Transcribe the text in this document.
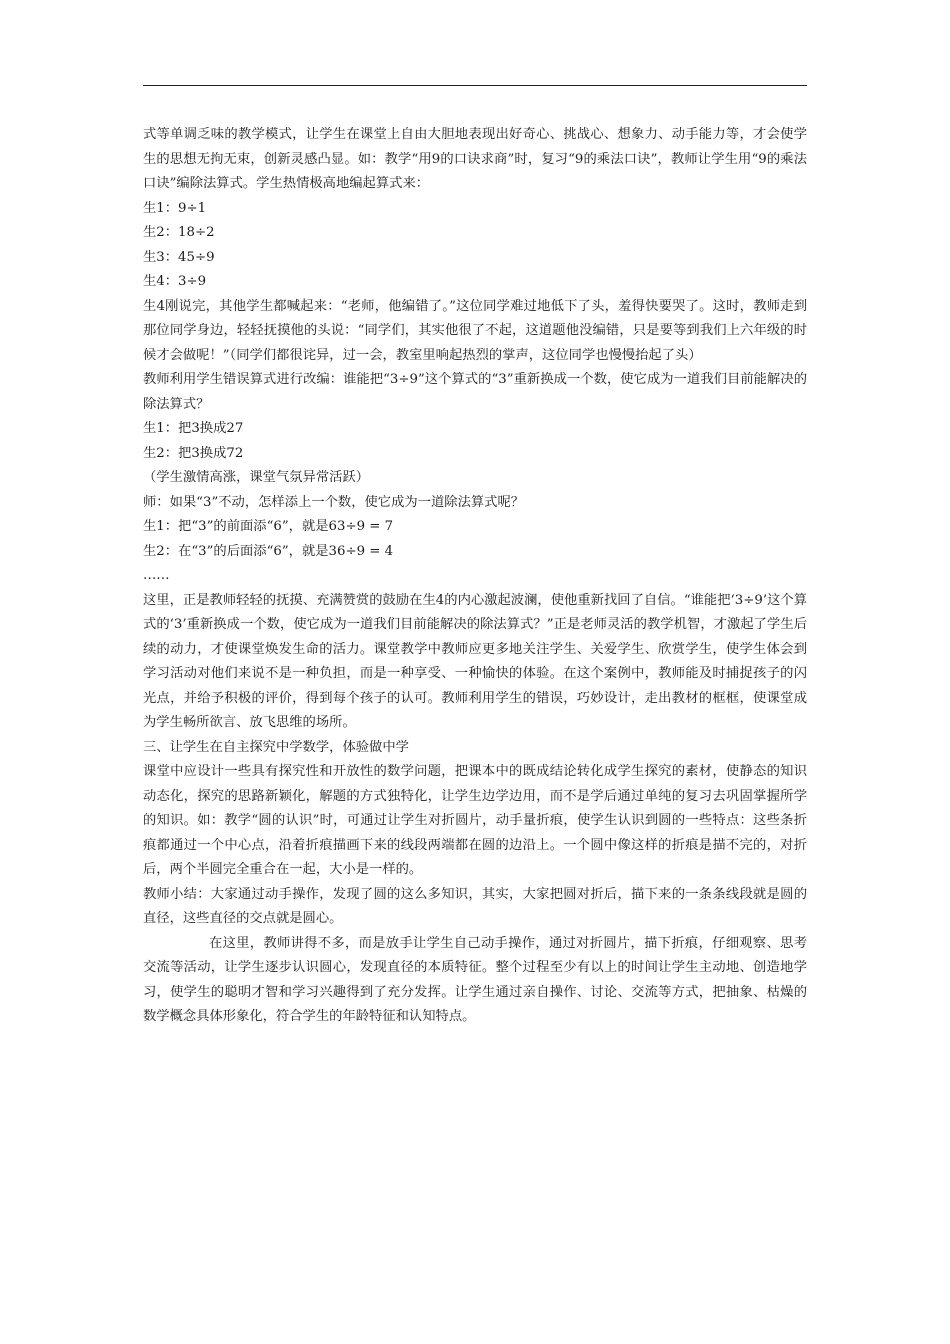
式等单调乏味的教学模式，让学生在课堂上自由大胆地表现出好奇心、挑战心、想象力、动手能力等，才会使学生的思想无拘无束，创新灵感凸显。如：教学“用9的口诀求商”时，复习“9的乘法口诀”，教师让学生用“9的乘法口诀”编除法算式。学生热情极高地编起算式来：

生1：9÷1

生2：18÷2

生3：45÷9

生4：3÷9

生4刚说完，其他学生都喊起来：“老师，他编错了。”这位同学难过地低下了头，羞得快要哭了。这时，教师走到那位同学身边，轻轻抚摸他的头说：“同学们，其实他很了不起，这道题他没编错，只是要等到我们上六年级的时候才会做呢！”（同学们都很诧异，过一会，教室里响起热烈的掌声，这位同学也慢慢抬起了头）

教师利用学生错误算式进行改编：谁能把“3÷9”这个算式的“3”重新换成一个数，使它成为一道我们目前能解决的除法算式？

生1：把3换成27

生2：把3换成72

（学生激情高涨，课堂气氛异常活跃）

师：如果“3”不动，怎样添上一个数，使它成为一道除法算式呢？

生1：把“3”的前面添“6”，就是63÷9 = 7

生2：在“3”的后面添“6”，就是36÷9 = 4

……

这里，正是教师轻轻的抚摸、充满赞赏的鼓励在生4的内心激起波澜，使他重新找回了自信。“谁能把‘3÷9’这个算式的‘3’重新换成一个数，使它成为一道我们目前能解决的除法算式？”正是老师灵活的教学机智，才激起了学生后续的动力，才使课堂焕发生命的活力。课堂教学中教师应更多地关注学生、关爱学生、欣赏学生，使学生体会到学习活动对他们来说不是一种负担，而是一种享受、一种愉快的体验。在这个案例中，教师能及时捕捉孩子的闪光点，并给予积极的评价，得到每个孩子的认可。教师利用学生的错误，巧妙设计，走出教材的框框，使课堂成为学生畅所欲言、放飞思维的场所。

三、让学生在自主探究中学数学，体验做中学

课堂中应设计一些具有探究性和开放性的数学问题，把课本中的既成结论转化成学生探究的素材，使静态的知识动态化，探究的思路新颖化，解题的方式独特化，让学生边学边用，而不是学后通过单纯的复习去巩固掌握所学的知识。如：教学“圆的认识”时，可通过让学生对折圆片，动手量折痕，使学生认识到圆的一些特点：这些条折痕都通过一个中心点，沿着折痕描画下来的线段两端都在圆的边沿上。一个圆中像这样的折痕是描不完的，对折后，两个半圆完全重合在一起，大小是一样的。

教师小结：大家通过动手操作，发现了圆的这么多知识，其实，大家把圆对折后，描下来的一条条线段就是圆的直径，这些直径的交点就是圆心。

在这里，教师讲得不多，而是放手让学生自己动手操作，通过对折圆片，描下折痕，仔细观察、思考交流等活动，让学生逐步认识圆心，发现直径的本质特征。整个过程至少有以上的时间让学生主动地、创造地学习，使学生的聪明才智和学习兴趣得到了充分发挥。让学生通过亲自操作、讨论、交流等方式，把抽象、枯燥的数学概念具体形象化，符合学生的年龄特征和认知特点。
